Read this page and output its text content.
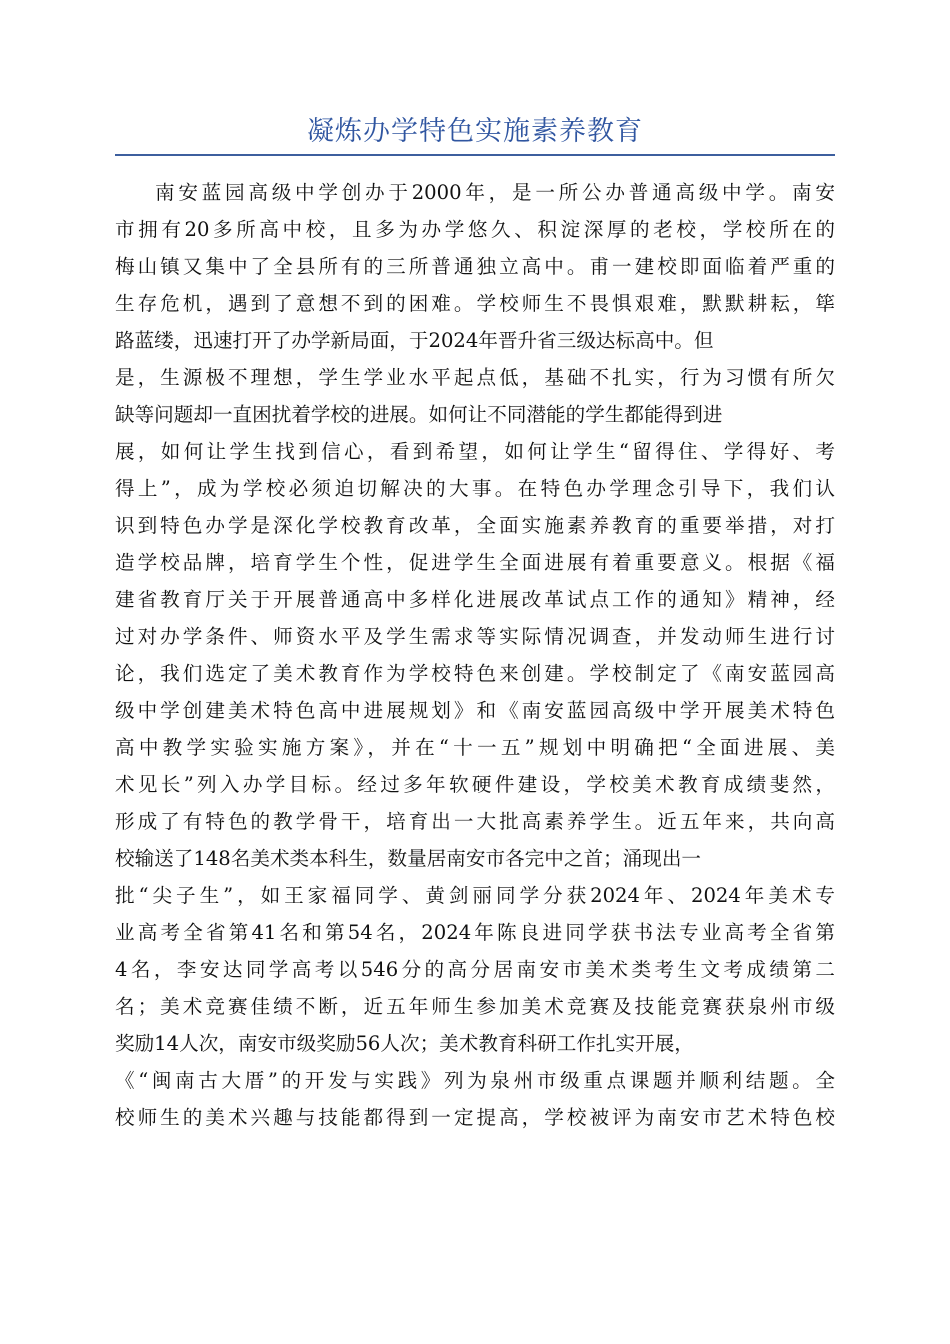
凝炼办学特色实施素养教育
南安蓝园高级中学创办于2000年，是一所公办普通高级中学。南安
市拥有20多所高中校，且多为办学悠久、积淀深厚的老校，学校所在的
梅山镇又集中了全县所有的三所普通独立高中。甫一建校即面临着严重的
生存危机，遇到了意想不到的困难。学校师生不畏惧艰难，默默耕耘，筚
路蓝缕，迅速打开了办学新局面，于2024年晋升省三级达标高中。但
是，生源极不理想，学生学业水平起点低，基础不扎实，行为习惯有所欠
缺等问题却一直困扰着学校的进展。如何让不同潜能的学生都能得到进
展，如何让学生找到信心，看到希望，如何让学生“留得住、学得好、考
得上”，成为学校必须迫切解决的大事。在特色办学理念引导下，我们认
识到特色办学是深化学校教育改革，全面实施素养教育的重要举措，对打
造学校品牌，培育学生个性，促进学生全面进展有着重要意义。根据《福
建省教育厅关于开展普通高中多样化进展改革试点工作的通知》精神，经
过对办学条件、师资水平及学生需求等实际情况调查，并发动师生进行讨
论，我们选定了美术教育作为学校特色来创建。学校制定了《南安蓝园高
级中学创建美术特色高中进展规划》和《南安蓝园高级中学开展美术特色
高中教学实验实施方案》，并在“十一五”规划中明确把“全面进展、美
术见长”列入办学目标。经过多年软硬件建设，学校美术教育成绩斐然，
形成了有特色的教学骨干，培育出一大批高素养学生。近五年来，共向高
校输送了148名美术类本科生，数量居南安市各完中之首；涌现出一
批“尖子生”，如王家福同学、黄剑丽同学分获2024年、2024年美术专
业高考全省第41名和第54名，2024年陈良进同学获书法专业高考全省第
4名，李安达同学高考以546分的高分居南安市美术类考生文考成绩第二
名；美术竞赛佳绩不断，近五年师生参加美术竞赛及技能竞赛获泉州市级
奖励14人次，南安市级奖励56人次；美术教育科研工作扎实开展，
《“闽南古大厝”的开发与实践》列为泉州市级重点课题并顺利结题。全
校师生的美术兴趣与技能都得到一定提高，学校被评为南安市艺术特色校
